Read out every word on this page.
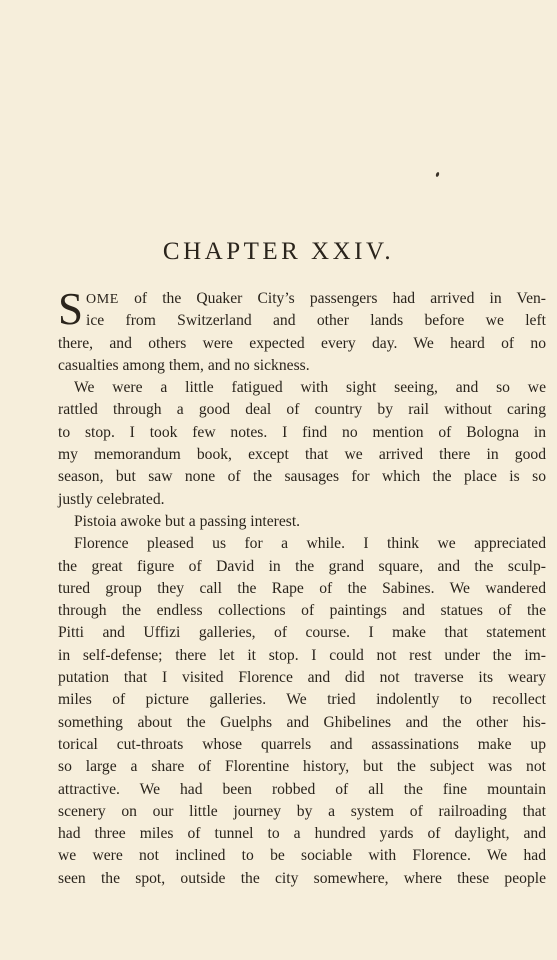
CHAPTER XXIV.
S OME of the Quaker City’s passengers had arrived in Ven-
ice from Switzerland and other lands before we left
there, and others were expected every day. We heard of no
casualties among them, and no sickness.
We were a little fatigued with sight seeing, and so we
rattled through a good deal of country by rail without caring
to stop. I took few notes. I find no mention of Bologna in
my memorandum book, except that we arrived there in good
season, but saw none of the sausages for which the place is so
justly celebrated.
Pistoia awoke but a passing interest.
Florence pleased us for a while. I think we appreciated
the great figure of David in the grand square, and the sculp-
tured group they call the Rape of the Sabines. We wandered
through the endless collections of paintings and statues of the
Pitti and Uffizi galleries, of course. I make that statement
in self-defense; there let it stop. I could not rest under the im-
putation that I visited Florence and did not traverse its weary
miles of picture galleries. We tried indolently to recollect
something about the Guelphs and Ghibelines and the other his-
torical cut-throats whose quarrels and assassinations make up
so large a share of Florentine history, but the subject was not
attractive. We had been robbed of all the fine mountain
scenery on our little journey by a system of railroading that
had three miles of tunnel to a hundred yards of daylight, and
we were not inclined to be sociable with Florence. We had
seen the spot, outside the city somewhere, where these people
